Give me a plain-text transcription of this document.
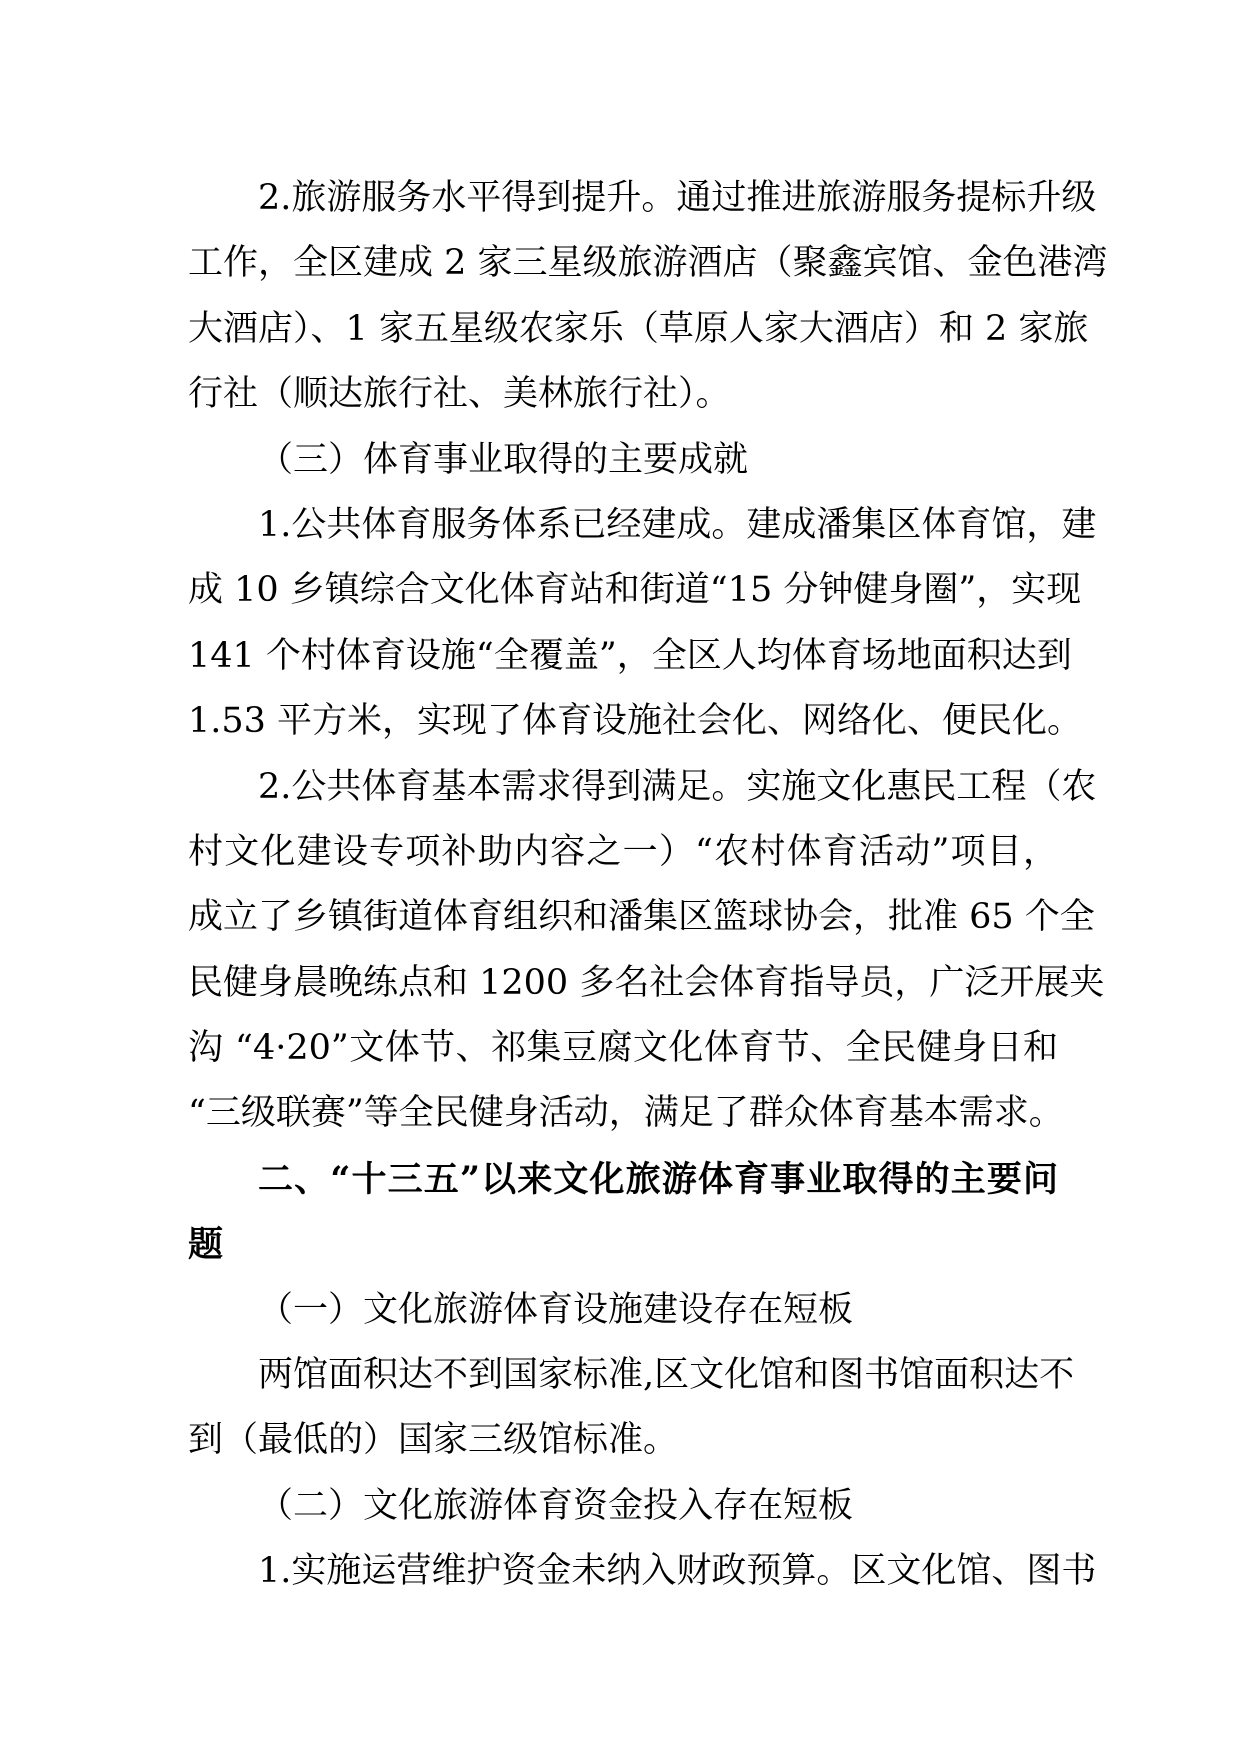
2.旅游服务水平得到提升。通过推进旅游服务提标升级
工作，全区建成 2 家三星级旅游酒店（聚鑫宾馆、金色港湾
大酒店）、1 家五星级农家乐（草原人家大酒店）和 2 家旅
行社（顺达旅行社、美林旅行社）。
（三）体育事业取得的主要成就
1.公共体育服务体系已经建成。建成潘集区体育馆，建
成 10 乡镇综合文化体育站和街道“15 分钟健身圈”，实现
141 个村体育设施“全覆盖”，全区人均体育场地面积达到
1.53 平方米，实现了体育设施社会化、网络化、便民化。
2.公共体育基本需求得到满足。实施文化惠民工程（农
村文化建设专项补助内容之一）“农村体育活动”项目，
成立了乡镇街道体育组织和潘集区篮球协会，批准 65 个全
民健身晨晚练点和 1200 多名社会体育指导员，广泛开展夹
沟 “4·20”文体节、祁集豆腐文化体育节、全民健身日和
“三级联赛”等全民健身活动，满足了群众体育基本需求。
二、“十三五”以来文化旅游体育事业取得的主要问
题
（一）文化旅游体育设施建设存在短板
两馆面积达不到国家标准,区文化馆和图书馆面积达不
到（最低的）国家三级馆标准。
（二）文化旅游体育资金投入存在短板
1.实施运营维护资金未纳入财政预算。区文化馆、图书
